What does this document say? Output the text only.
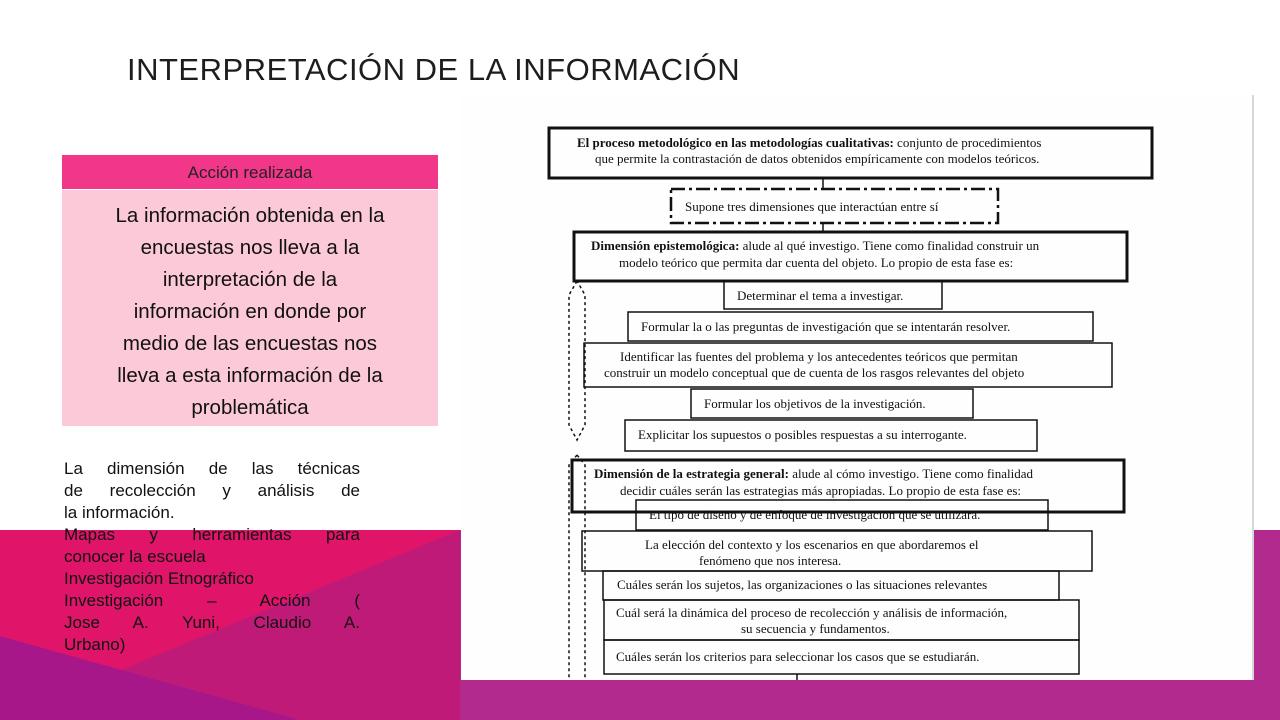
INTERPRETACIÓN DE LA INFORMACIÓN
Acción realizada
La información obtenida en la
encuestas nos lleva a la
interpretación de la
información en donde por
medio de las encuestas nos
lleva a esta información de la
problemática
La dimensión de las técnicas
de recolección y análisis de
la información.
Mapas y herramientas para
conocer la escuela
Investigación Etnográfico
Investigación – Acción (
Jose A. Yuni, Claudio A.
Urbano)
El proceso metodológico en las metodologías cualitativas: conjunto de procedimientos
que permite la contrastación de datos obtenidos empíricamente con modelos teóricos.
Supone tres dimensiones que interactúan entre sí
Dimensión epistemológica: alude al qué investigo. Tiene como finalidad construir un
modelo teórico que permita dar cuenta del objeto. Lo propio de esta fase es:
Determinar el tema a investigar.
Formular la o las preguntas de investigación que se intentarán resolver.
Identificar las fuentes del problema y los antecedentes teóricos que permitan
construir un modelo conceptual que de cuenta de los rasgos relevantes del objeto
Formular los objetivos de la investigación.
Explicitar los supuestos o posibles respuestas a su interrogante.
Dimensión de la estrategia general: alude al cómo investigo. Tiene como finalidad
decidir cuáles serán las estrategias más apropiadas. Lo propio de esta fase es:
El tipo de diseño y de enfoque de investigación que se utilizará.
La elección del contexto y los escenarios en que abordaremos el
fenómeno que nos interesa.
Cuáles serán los sujetos, las organizaciones o las situaciones relevantes
Cuál será la dinámica del proceso de recolección y análisis de información,
su secuencia y fundamentos.
Cuáles serán los criterios para seleccionar los casos que se estudiarán.
